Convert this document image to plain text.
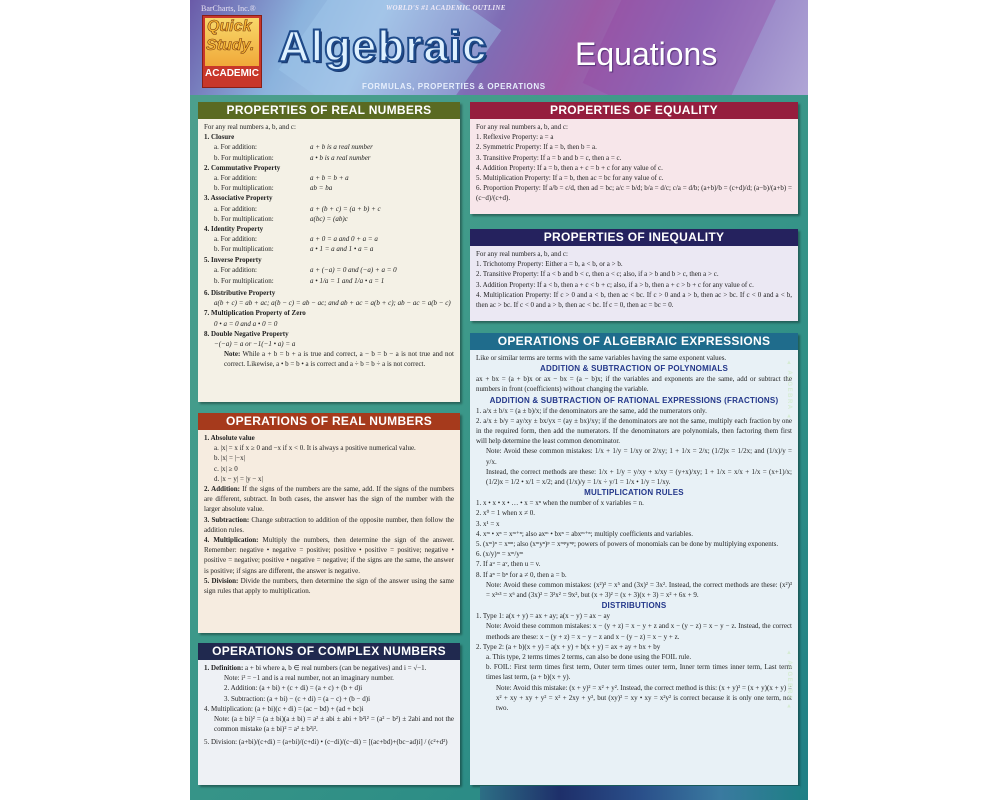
BarCharts, Inc.®	WORLD'S #1 ACADEMIC OUTLINE
Quick
Study.
ACADEMIC
Algebraic	Equations
FORMULAS, PROPERTIES & OPERATIONS
PROPERTIES OF REAL NUMBERS
For any real numbers a, b, and c:
1. Closure
a. For addition:	a + b is a real number
b. For multiplication:	a • b is a real number
2. Commutative Property
a. For addition:	a + b = b + a
b. For multiplication:	ab = ba
3. Associative Property
a. For addition:	a + (b + c) = (a + b) + c
b. For multiplication:	a(bc) = (ab)c
4. Identity Property
a. For addition:	a + 0 = a and 0 + a = a
b. For multiplication:	a • 1 = a and 1 • a = a
5. Inverse Property
a. For addition:	a + (−a) = 0 and (−a) + a = 0
b. For multiplication:	a • 1/a = 1 and 1/a • a = 1
6. Distributive Property
a(b + c) = ab + ac; a(b − c) = ab − ac; and ab + ac = a(b + c); ab − ac = a(b − c)
7. Multiplication Property of Zero
0 • a = 0 and a • 0 = 0
8. Double Negative Property
−(−a) = a or −1(−1 • a) = a
Note: While a + b = b + a is true and correct, a − b = b − a is not true and not correct. Likewise, a • b = b • a is correct and a ÷ b = b ÷ a is not correct.
OPERATIONS OF REAL NUMBERS
1. Absolute value
a. |x| = x if x ≥ 0 and −x if x < 0. It is always a positive numerical value.
b. |x| = |−x|
c. |x| ≥ 0
d. |x − y| = |y − x|
2. Addition: If the signs of the numbers are the same, add. If the signs of the numbers are different, subtract. In both cases, the answer has the sign of the number with the larger absolute value.
3. Subtraction: Change subtraction to addition of the opposite number, then follow the addition rules.
4. Multiplication: Multiply the numbers, then determine the sign of the answer. Remember: negative • negative = positive; positive • positive = positive; negative • positive = negative; positive • negative = negative; if the signs are the same, the answer is positive; if signs are different, the answer is negative.
5. Division: Divide the numbers, then determine the sign of the answer using the same sign rules that apply to multiplication.
OPERATIONS OF COMPLEX NUMBERS
1. Definition: a + bi where a, b ∈ real numbers (can be negatives) and i = √−1.
Note: i² = −1 and is a real number, not an imaginary number.
2. Addition: (a + bi) + (c + di) = (a + c) + (b + d)i
3. Subtraction: (a + bi) − (c + di) = (a − c) + (b − d)i
4. Multiplication: (a + bi)(c + di) = (ac − bd) + (ad + bc)i
Note: (a ± bi)² = (a ± bi)(a ± bi) = a² ± abi ± abi + b²i² = (a² − b²) ± 2abi and not the common mistake (a ± bi)² = a² ± b²i².
5. Division: (a+bi)/(c+di) = (a+bi)/(c+di) • (c−di)/(c−di) = [(ac+bd)+(bc−ad)i] / (c²+d²)
PROPERTIES OF EQUALITY
For any real numbers a, b, and c:
1. Reflexive Property: a = a
2. Symmetric Property: If a = b, then b = a.
3. Transitive Property: If a = b and b = c, then a = c.
4. Addition Property: If a = b, then a + c = b + c for any value of c.
5. Multiplication Property: If a = b, then ac = bc for any value of c.
6. Proportion Property: If a/b = c/d, then ad = bc; a/c = b/d; b/a = d/c; c/a = d/b; (a+b)/b = (c+d)/d; (a−b)/(a+b) = (c−d)/(c+d).
PROPERTIES OF INEQUALITY
For any real numbers a, b, and c:
1. Trichotomy Property: Either a = b, a < b, or a > b.
2. Transitive Property: If a < b and b < c, then a < c; also, if a > b and b > c, then a > c.
3. Addition Property: If a < b, then a + c < b + c; also, if a > b, then a + c > b + c for any value of c.
4. Multiplication Property: If c > 0 and a < b, then ac < bc. If c > 0 and a > b, then ac > bc. If c < 0 and a < b, then ac > bc. If c < 0 and a > b, then ac < bc. If c = 0, then ac = bc = 0.
OPERATIONS OF ALGEBRAIC EXPRESSIONS
Like or similar terms are terms with the same variables having the same exponent values.
ADDITION & SUBTRACTION OF POLYNOMIALS
ax + bx = (a + b)x or ax − bx = (a − b)x; if the variables and exponents are the same, add or subtract the numbers in front (coefficients) without changing the variable.
ADDITION & SUBTRACTION OF RATIONAL EXPRESSIONS (FRACTIONS)
1. a/x ± b/x = (a ± b)/x; if the denominators are the same, add the numerators only.
2. a/x ± b/y = ay/xy ± bx/yx = (ay ± bx)/xy; if the denominators are not the same, multiply each fraction by one in the required form, then add the numerators. If the denominators are polynomials, then factoring them first will help determine the least common denominator.
Note: Avoid these common mistakes: 1/x + 1/y = 1/xy or 2/xy; 1 + 1/x = 2/x; (1/2)x = 1/2x; and (1/x)/y = y/x.
Instead, the correct methods are these: 1/x + 1/y = y/xy + x/xy = (y+x)/xy; 1 + 1/x = x/x + 1/x = (x+1)/x; (1/2)x = 1/2 • x/1 = x/2; and (1/x)/y = 1/x ÷ y/1 = 1/x • 1/y = 1/xy.
MULTIPLICATION RULES
1. x • x • x • … • x = xⁿ when the number of x variables = n.
2. x⁰ = 1 when x ≠ 0.
3. x¹ = x
4. xᵐ • xⁿ = xᵐ⁺ⁿ; also axᵐ • bxⁿ = abxᵐ⁺ⁿ; multiply coefficients and variables.
5. (xᵐ)ⁿ = xᵐⁿ; also (xᵐyⁿ)ᵖ = xᵐᵖyⁿᵖ; powers of powers of monomials can be done by multiplying exponents.
6. (x/y)ᵐ = xᵐ/yᵐ
7. If aᵘ = aᵛ, then u = v.
8. If aⁿ = bⁿ for a ≠ 0, then a = b.
Note: Avoid these common mistakes: (x²)³ = x⁵ and (3x)² = 3x². Instead, the correct methods are these: (x²)³ = x²ˣ³ = x⁶ and (3x)² = 3²x² = 9x², but (x + 3)² = (x + 3)(x + 3) = x² + 6x + 9.
DISTRIBUTIONS
1. Type 1: a(x + y) = ax + ay; a(x − y) = ax − ay
Note: Avoid these common mistakes: x − (y + z) = x − y + z and x − (y − z) = x − y − z. Instead, the correct methods are these: x − (y + z) = x − y − z and x − (y − z) = x − y + z.
2. Type 2: (a + b)(x + y) = a(x + y) + b(x + y) = ax + ay + bx + by
a. This type, 2 terms times 2 terms, can also be done using the FOIL rule.
b. FOIL: First term times first term, Outer term times outer term, Inner term times inner term, Last term times last term, (a + b)(x + y).
Note: Avoid this mistake: (x + y)² = x² + y². Instead, the correct method is this: (x + y)² = (x + y)(x + y) = x² + xy + xy + y² = x² + 2xy + y², but (xy)² = xy • xy = x²y² is correct because it is only one term, not two.
▲ ALGEBRA ▲
▲ ALGEBRA ▲
